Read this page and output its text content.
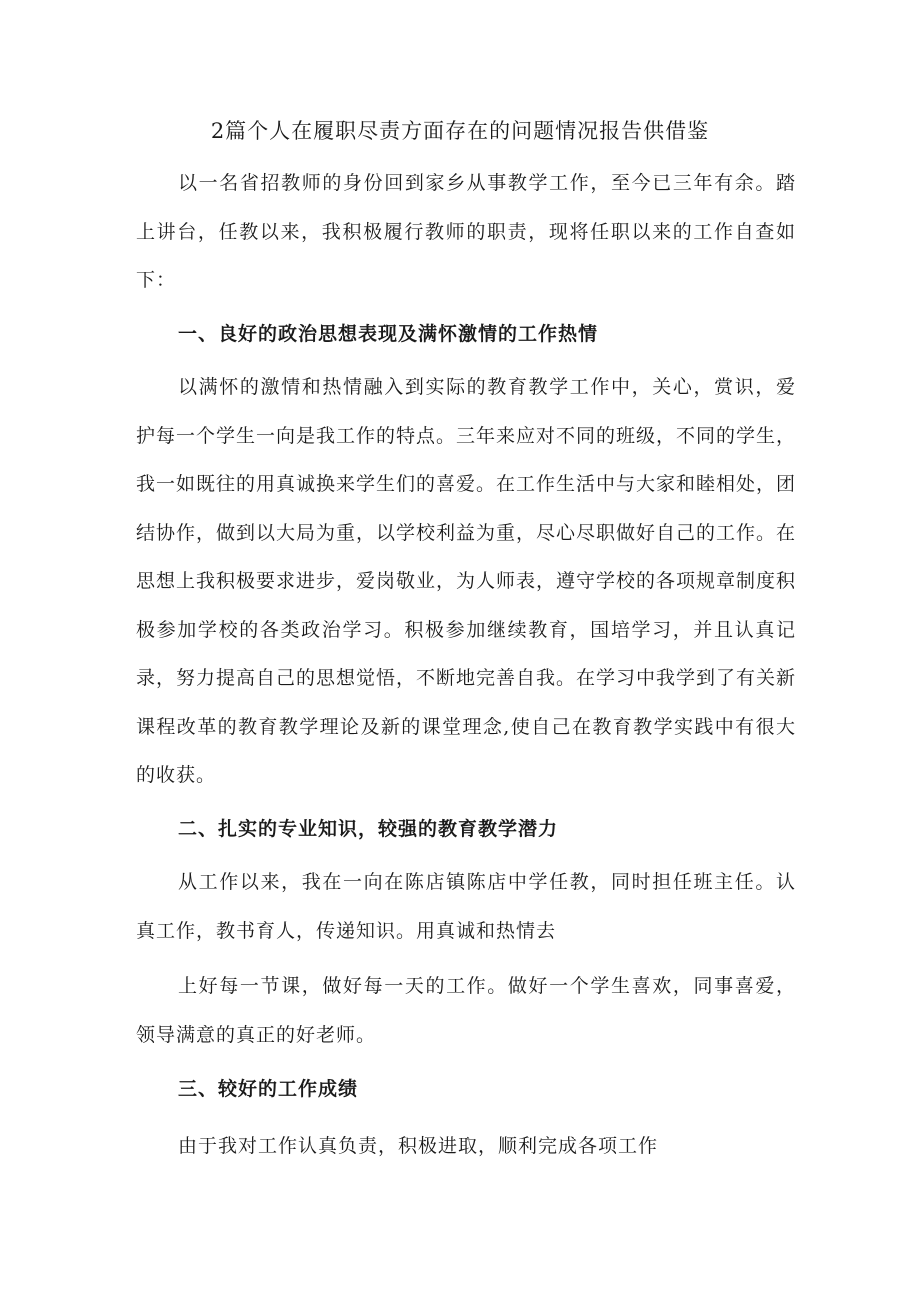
2篇个人在履职尽责方面存在的问题情况报告供借鉴
以一名省招教师的身份回到家乡从事教学工作，至今已三年有余。踏上讲台，任教以来，我积极履行教师的职责，现将任职以来的工作自查如下：
一、良好的政治思想表现及满怀激情的工作热情
以满怀的激情和热情融入到实际的教育教学工作中，关心，赏识，爱护每一个学生一向是我工作的特点。三年来应对不同的班级，不同的学生，我一如既往的用真诚换来学生们的喜爱。在工作生活中与大家和睦相处，团结协作，做到以大局为重，以学校利益为重，尽心尽职做好自己的工作。在思想上我积极要求进步，爱岗敬业，为人师表，遵守学校的各项规章制度积极参加学校的各类政治学习。积极参加继续教育，国培学习，并且认真记录，努力提高自己的思想觉悟，不断地完善自我。在学习中我学到了有关新课程改革的教育教学理论及新的课堂理念,使自己在教育教学实践中有很大的收获。
二、扎实的专业知识，较强的教育教学潜力
从工作以来，我在一向在陈店镇陈店中学任教，同时担任班主任。认真工作，教书育人，传递知识。用真诚和热情去
上好每一节课，做好每一天的工作。做好一个学生喜欢，同事喜爱，领导满意的真正的好老师。
三、较好的工作成绩
由于我对工作认真负责，积极进取，顺利完成各项工作
